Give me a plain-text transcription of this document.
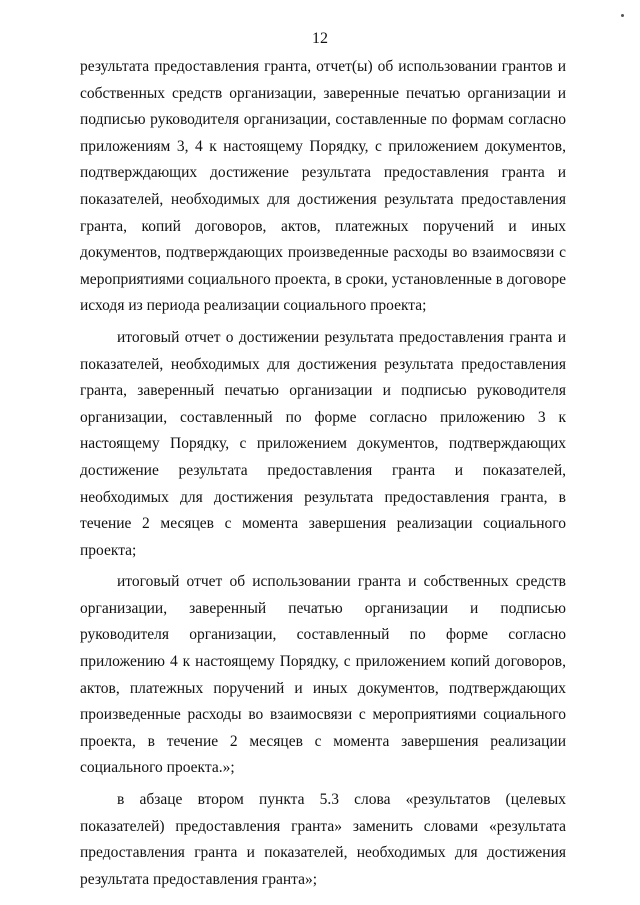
12

результата предоставления гранта, отчет(ы) об использовании грантов и собственных средств организации, заверенные печатью организации и подписью руководителя организации, составленные по формам согласно приложениям 3, 4 к настоящему Порядку, с приложением документов, подтверждающих достижение результата предоставления гранта и показателей, необходимых для достижения результата предоставления гранта, копий договоров, актов, платежных поручений и иных документов, подтверждающих произведенные расходы во взаимосвязи с мероприятиями социального проекта, в сроки, установленные в договоре исходя из периода реализации социального проекта;

итоговый отчет о достижении результата предоставления гранта и показателей, необходимых для достижения результата предоставления гранта, заверенный печатью организации и подписью руководителя организации, составленный по форме согласно приложению 3 к настоящему Порядку, с приложением документов, подтверждающих достижение результата предоставления гранта и показателей, необходимых для достижения результата предоставления гранта, в течение 2 месяцев с момента завершения реализации социального проекта;

итоговый отчет об использовании гранта и собственных средств организации, заверенный печатью организации и подписью руководителя организации, составленный по форме согласно приложению 4 к настоящему Порядку, с приложением копий договоров, актов, платежных поручений и иных документов, подтверждающих произведенные расходы во взаимосвязи с мероприятиями социального проекта, в течение 2 месяцев с момента завершения реализации социального проекта.»;

в абзаце втором пункта 5.3 слова «результатов (целевых показателей) предоставления гранта» заменить словами «результата предоставления гранта и показателей, необходимых для достижения результата предоставления гранта»;
